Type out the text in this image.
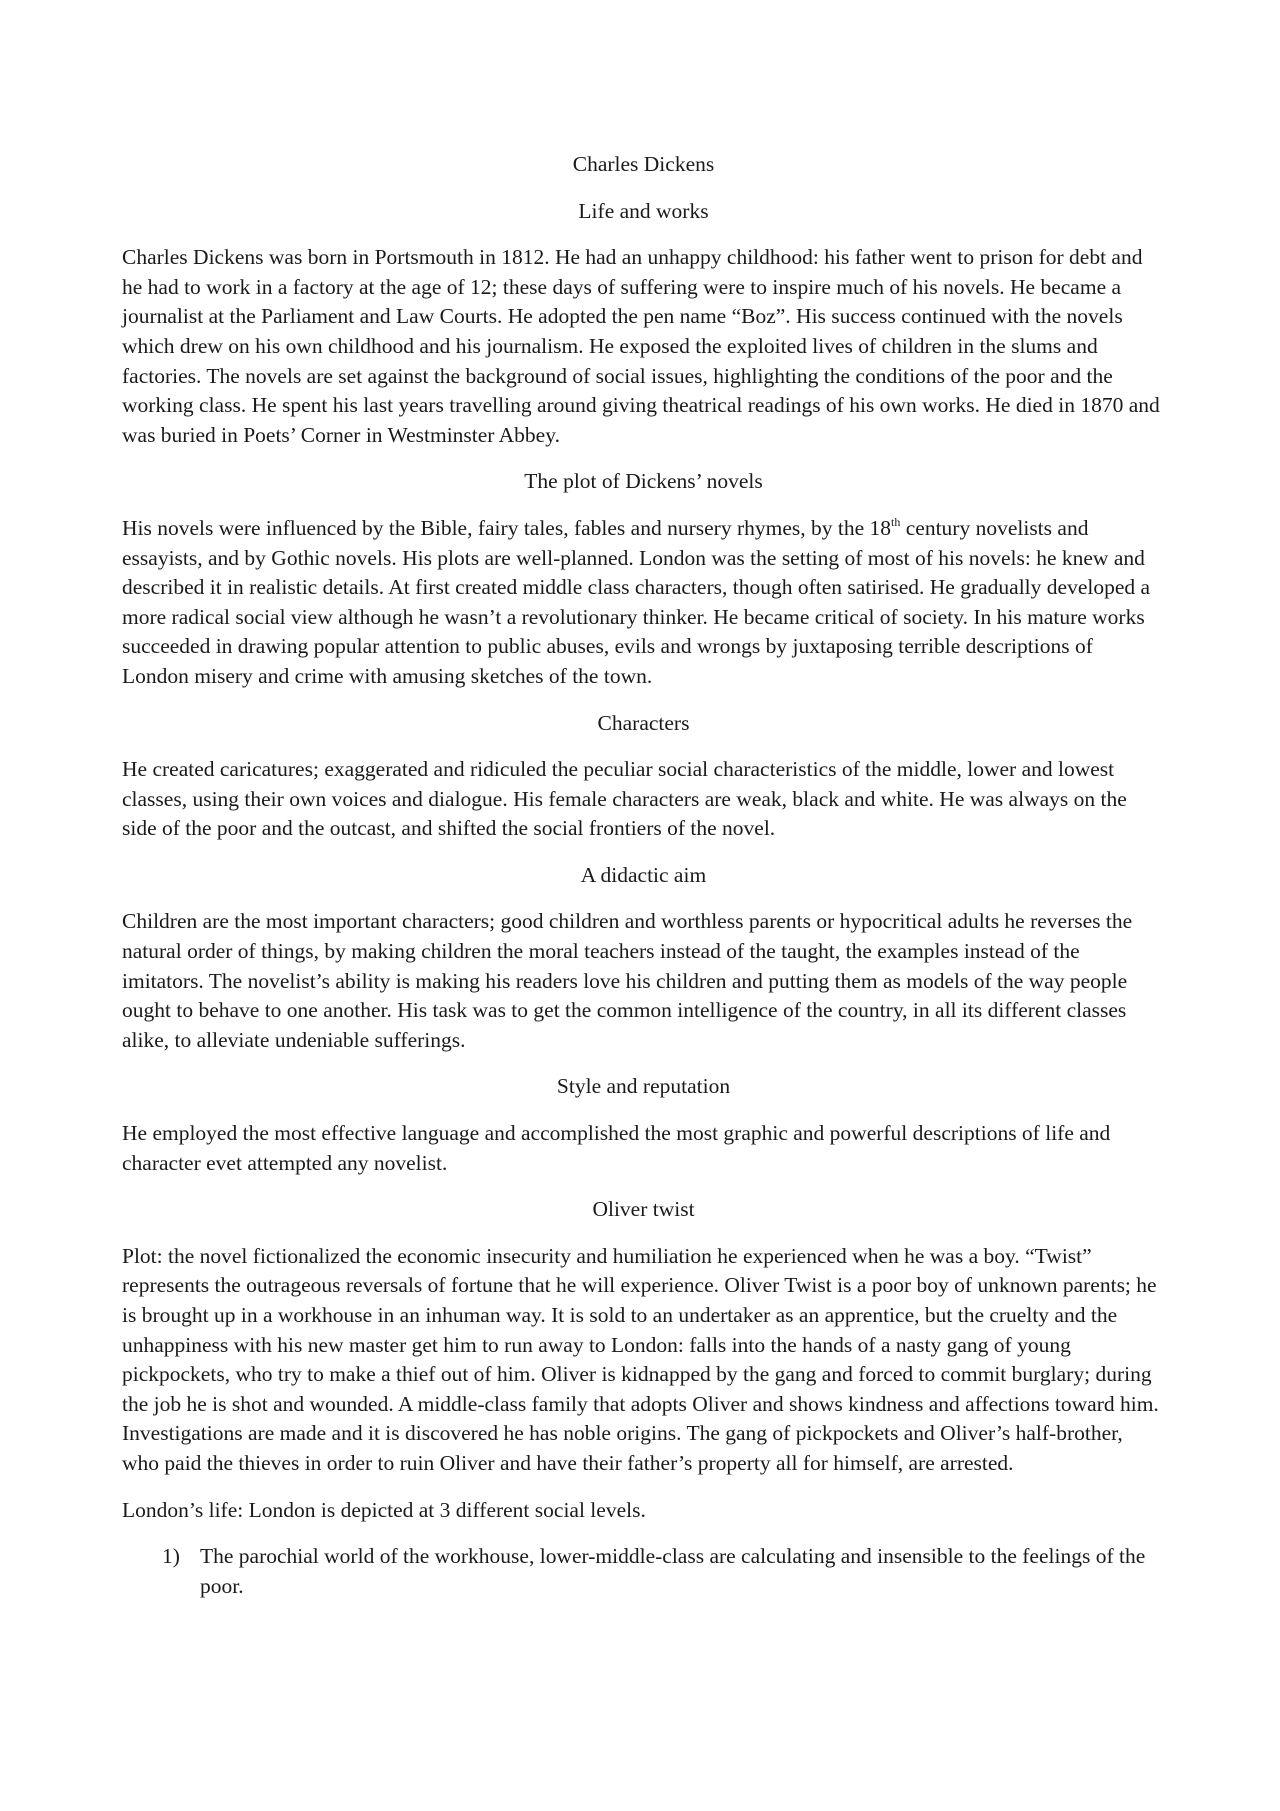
Charles Dickens
Life and works

Charles Dickens was born in Portsmouth in 1812. He had an unhappy childhood: his father went to prison for debt and he had to work in a factory at the age of 12; these days of suffering were to inspire much of his novels. He became a journalist at the Parliament and Law Courts. He adopted the pen name “Boz”. His success continued with the novels which drew on his own childhood and his journalism. He exposed the exploited lives of children in the slums and factories. The novels are set against the background of social issues, highlighting the conditions of the poor and the working class. He spent his last years travelling around giving theatrical readings of his own works. He died in 1870 and was buried in Poets’ Corner in Westminster Abbey.

The plot of Dickens’ novels

His novels were influenced by the Bible, fairy tales, fables and nursery rhymes, by the 18th century novelists and essayists, and by Gothic novels. His plots are well-planned. London was the setting of most of his novels: he knew and described it in realistic details. At first created middle class characters, though often satirised. He gradually developed a more radical social view although he wasn’t a revolutionary thinker. He became critical of society. In his mature works succeeded in drawing popular attention to public abuses, evils and wrongs by juxtaposing terrible descriptions of London misery and crime with amusing sketches of the town.

Characters

He created caricatures; exaggerated and ridiculed the peculiar social characteristics of the middle, lower and lowest classes, using their own voices and dialogue. His female characters are weak, black and white. He was always on the side of the poor and the outcast, and shifted the social frontiers of the novel.

A didactic aim

Children are the most important characters; good children and worthless parents or hypocritical adults he reverses the natural order of things, by making children the moral teachers instead of the taught, the examples instead of the imitators. The novelist’s ability is making his readers love his children and putting them as models of the way people ought to behave to one another. His task was to get the common intelligence of the country, in all its different classes alike, to alleviate undeniable sufferings.

Style and reputation

He employed the most effective language and accomplished the most graphic and powerful descriptions of life and character evet attempted any novelist.

Oliver twist

Plot: the novel fictionalized the economic insecurity and humiliation he experienced when he was a boy. “Twist” represents the outrageous reversals of fortune that he will experience. Oliver Twist is a poor boy of unknown parents; he is brought up in a workhouse in an inhuman way. It is sold to an undertaker as an apprentice, but the cruelty and the unhappiness with his new master get him to run away to London: falls into the hands of a nasty gang of young pickpockets, who try to make a thief out of him. Oliver is kidnapped by the gang and forced to commit burglary; during the job he is shot and wounded. A middle-class family that adopts Oliver and shows kindness and affections toward him. Investigations are made and it is discovered he has noble origins. The gang of pickpockets and Oliver’s half-brother, who paid the thieves in order to ruin Oliver and have their father’s property all for himself, are arrested.

London’s life: London is depicted at 3 different social levels.

1) The parochial world of the workhouse, lower-middle-class are calculating and insensible to the feelings of the poor.
